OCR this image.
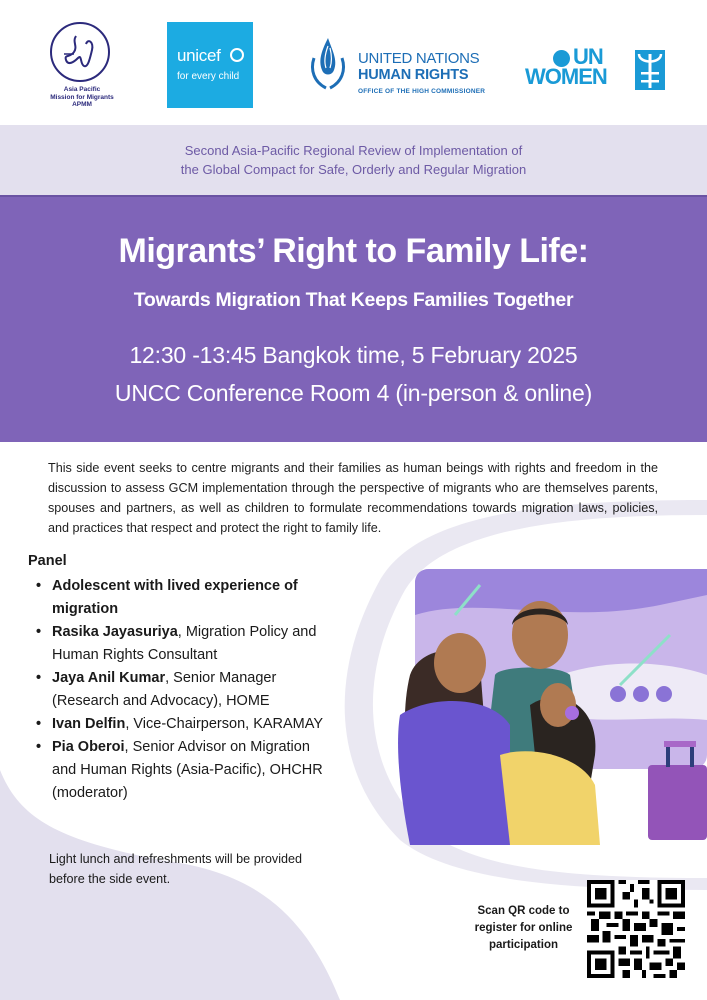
Asia Pacific
Mission for Migrants
APMM
unicef
for every child
UNITED NATIONS
HUMAN RIGHTS
OFFICE OF THE HIGH COMMISSIONER
UN
WOMEN
Second Asia-Pacific Regional Review of Implementation of
the Global Compact for Safe, Orderly and Regular Migration
Migrants’ Right to Family Life:
Towards Migration That Keeps Families Together
12:30 -13:45 Bangkok time, 5 February 2025
UNCC Conference Room 4 (in-person & online)
This side event seeks to centre migrants and their families as human beings with rights and freedom in the discussion to assess GCM implementation through the perspective of migrants who are themselves parents, spouses and partners, as well as children to formulate recommendations towards migration laws, policies, and practices that respect and protect the right to family life.
Panel
• Adolescent with lived experience of migration
• Rasika Jayasuriya, Migration Policy and Human Rights Consultant
• Jaya Anil Kumar, Senior Manager (Research and Advocacy), HOME
• Ivan Delfin, Vice-Chairperson, KARAMAY
• Pia Oberoi, Senior Advisor on Migration and Human Rights (Asia-Pacific), OHCHR (moderator)
Light lunch and refreshments will be provided before the side event.
Scan QR code to
register for online
participation
